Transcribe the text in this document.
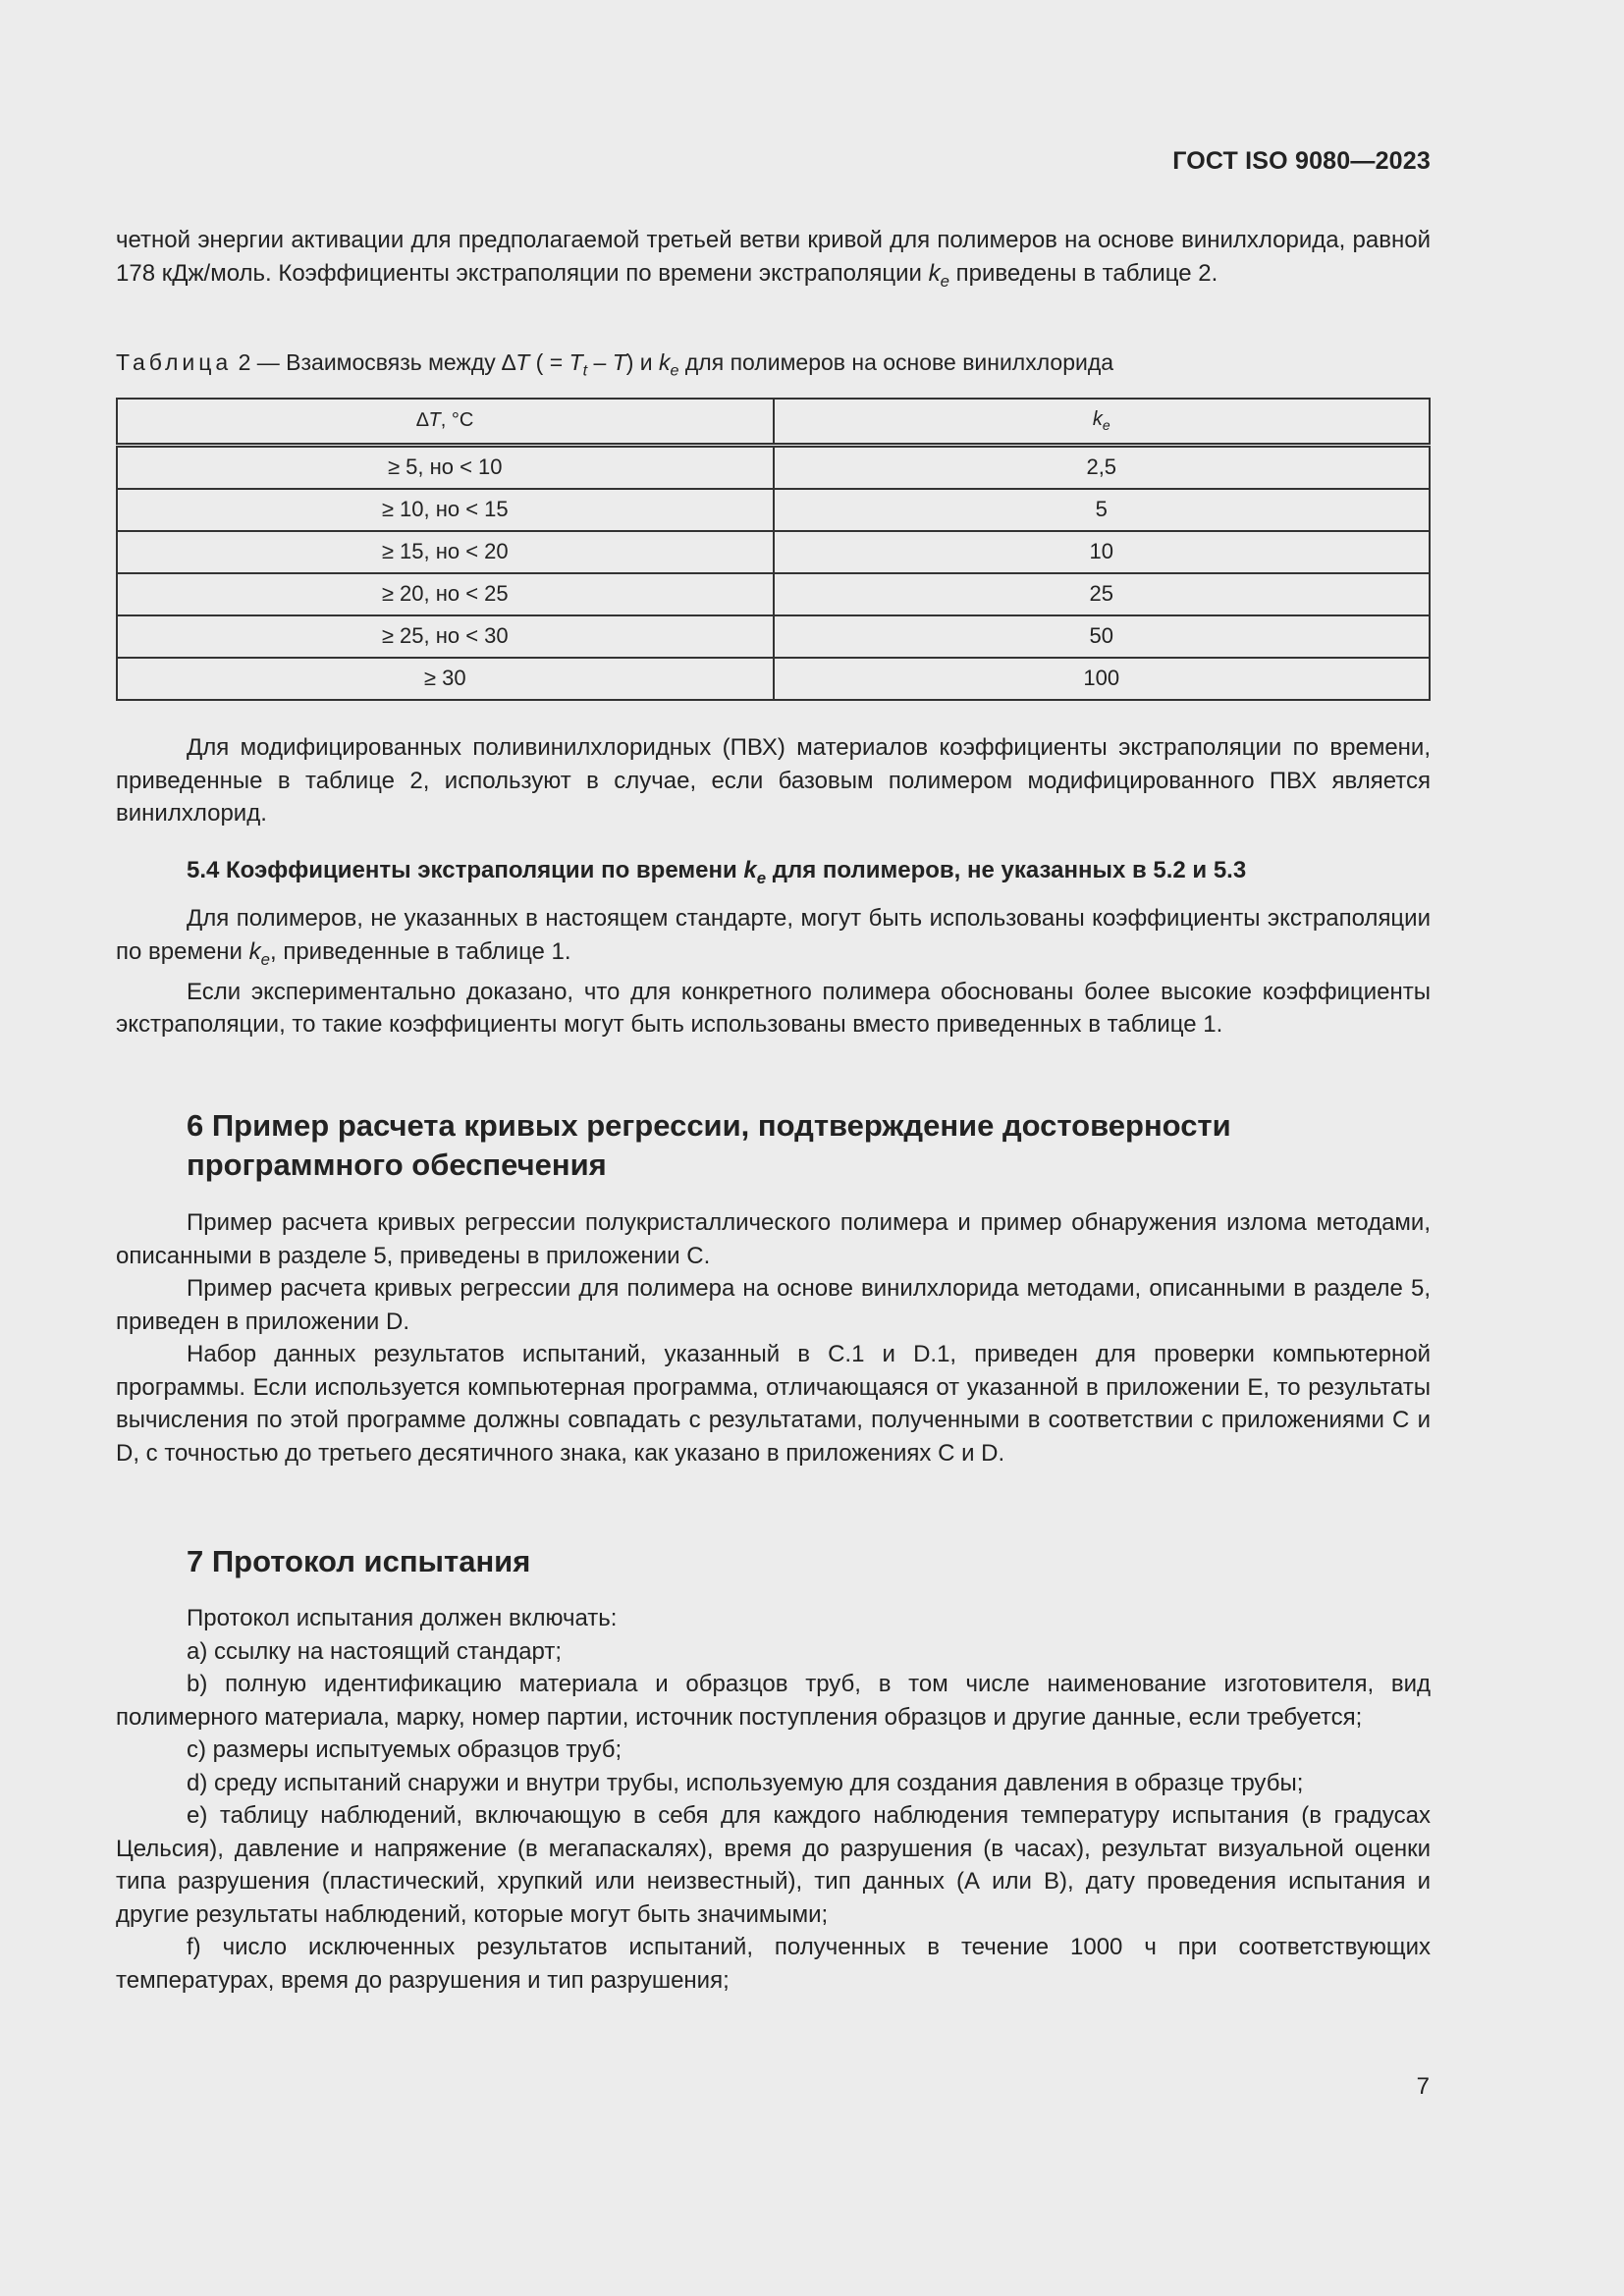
ГОСТ ISO 9080—2023

четной энергии активации для предполагаемой третьей ветви кривой для полимеров на основе винилхлорида, равной 178 кДж/моль. Коэффициенты экстраполяции по времени экстраполяции $k_e$ приведены в таблице 2.

Таблица 2 — Взаимосвязь между ∆T ( = $T_t - T$) и $k_e$ для полимеров на основе винилхлорида
∆T, °C	$k_e$
≥ 5, но < 10	2,5
≥ 10, но < 15	5
≥ 15, но < 20	10
≥ 20, но < 25	25
≥ 25, но < 30	50
≥ 30	100

Для модифицированных поливинилхлоридных (ПВХ) материалов коэффициенты экстраполяции по времени, приведенные в таблице 2, используют в случае, если базовым полимером модифицированного ПВХ является винилхлорид.

5.4 Коэффициенты экстраполяции по времени $k_e$ для полимеров, не указанных в 5.2 и 5.3

Для полимеров, не указанных в настоящем стандарте, могут быть использованы коэффициенты экстраполяции по времени $k_e$, приведенные в таблице 1.

Если экспериментально доказано, что для конкретного полимера обоснованы более высокие коэффициенты экстраполяции, то такие коэффициенты могут быть использованы вместо приведенных в таблице 1.

6 Пример расчета кривых регрессии, подтверждение достоверности
программного обеспечения

Пример расчета кривых регрессии полукристаллического полимера и пример обнаружения излома методами, описанными в разделе 5, приведены в приложении С.

Пример расчета кривых регрессии для полимера на основе винилхлорида методами, описанными в разделе 5, приведен в приложении D.

Набор данных результатов испытаний, указанный в С.1 и D.1, приведен для проверки компьютерной программы. Если используется компьютерная программа, отличающаяся от указанной в приложении Е, то результаты вычисления по этой программе должны совпадать с результатами, полученными в соответствии с приложениями С и D, с точностью до третьего десятичного знака, как указано в приложениях С и D.

7 Протокол испытания

Протокол испытания должен включать:

а) ссылку на настоящий стандарт;

b) полную идентификацию материала и образцов труб, в том числе наименование изготовителя, вид полимерного материала, марку, номер партии, источник поступления образцов и другие данные, если требуется;

с) размеры испытуемых образцов труб;

d) среду испытаний снаружи и внутри трубы, используемую для создания давления в образце трубы;

е) таблицу наблюдений, включающую в себя для каждого наблюдения температуру испытания (в градусах Цельсия), давление и напряжение (в мегапаскалях), время до разрушения (в часах), результат визуальной оценки типа разрушения (пластический, хрупкий или неизвестный), тип данных (А или В), дату проведения испытания и другие результаты наблюдений, которые могут быть значимыми;

f) число исключенных результатов испытаний, полученных в течение 1000 ч при соответствующих температурах, время до разрушения и тип разрушения;

7
